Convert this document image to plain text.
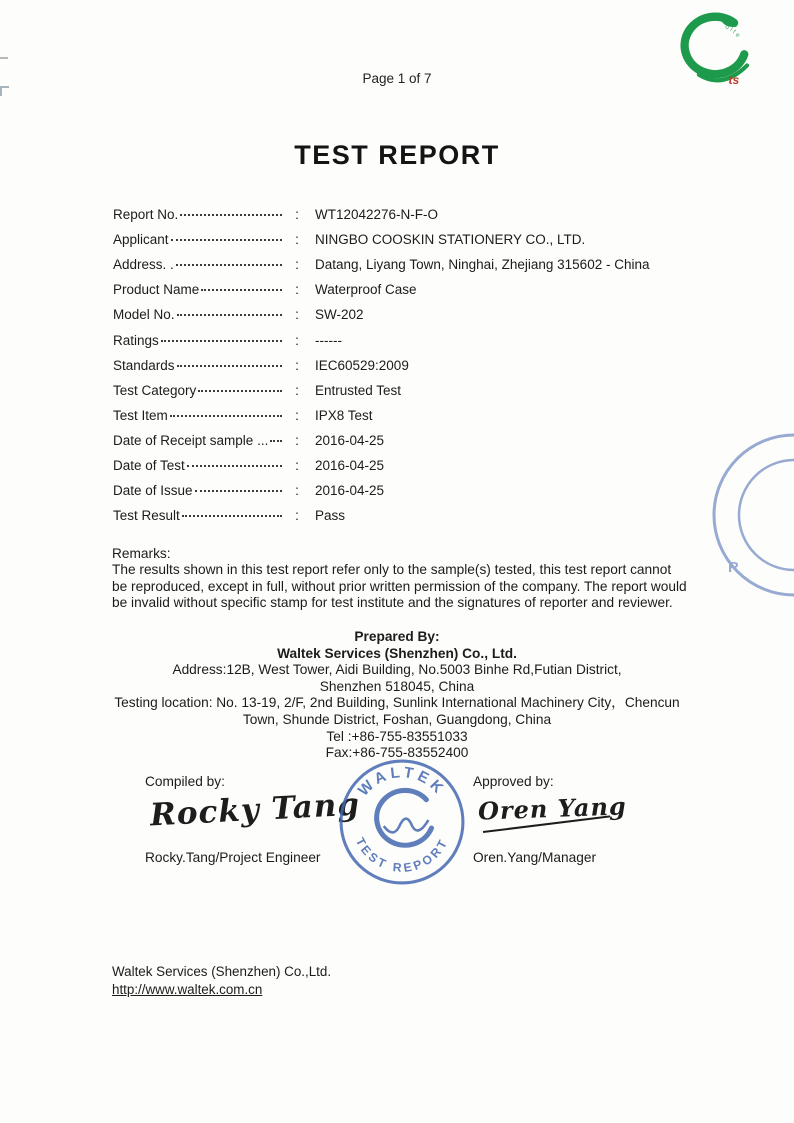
Page 1 of 7
o l t e
ts
TEST REPORT
Report No.	:	WT12042276-N-F-O
Applicant	:	NINGBO COOSKIN STATIONERY CO., LTD.
Address. .	:	Datang, Liyang Town, Ninghai, Zhejiang 315602 - China
Product Name	:	Waterproof Case
Model No.	:	SW-202
Ratings	:	------
Standards	:	IEC60529:2009
Test Category	:	Entrusted Test
Test Item	:	IPX8 Test
Date of Receipt sample ...	:	2016-04-25
Date of Test	:	2016-04-25
Date of Issue	:	2016-04-25
Test Result	:	Pass
Remarks:
The results shown in this test report refer only to the sample(s) tested, this test report cannot be reproduced, except in full, without prior written permission of the company. The report would be invalid without specific stamp for test institute and the signatures of reporter and reviewer.
Prepared By:
Waltek Services (Shenzhen) Co., Ltd.
Address:12B, West Tower, Aidi Building, No.5003 Binhe Rd,Futian District,
Shenzhen 518045, China
Testing location: No. 13-19, 2/F, 2nd Building, Sunlink International Machinery City，Chencun
Town, Shunde District, Foshan, Guangdong, China
Tel :+86-755-83551033
Fax:+86-755-83552400
Compiled by:
Rocky Tang
Rocky.Tang/Project Engineer
WALTEK
TEST REPORT
Approved by:
Oren Yang
Oren.Yang/Manager
Waltek Services (Shenzhen) Co.,Ltd.
http://www.waltek.com.cn
R
